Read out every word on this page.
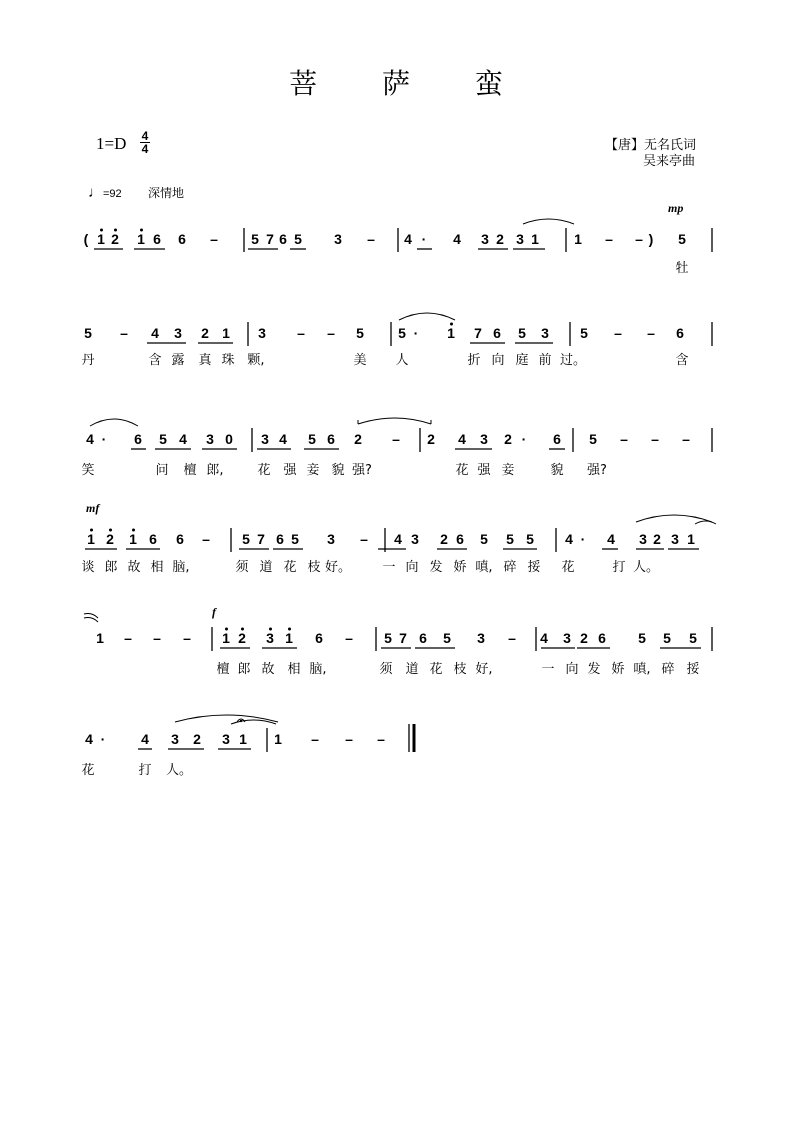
菩 萨 蛮
1=D 4
4	【唐】无名氏词
吴来亭曲
♩=92 深情地
( 1 2 1 6 6 – 5 7 6 5 3 – 4 · 4 3 2 3 1	1 – – ) 5
mp
牡
5 – 4 3 2 1 3 – – 5 5 · 1 7 6 5 3 5 – – 6
丹	含 露 真 珠 颗,	美 人	折 向 庭 前 过。	含
4 · 6 5 4 3 0 3 4 5 6 2 – 2 4 3 2 · 6 5 – – –
笑	问 檀 郎,	花 强 妾 貌 强?	花 强 妾	貌 强?
1 2 1 6 6 – 5 7 6 5 3 – 4 3 2 6 5 5 5 4 · 4 3 2 3 1
mf
谈 郎 故 相 脑,	须 道 花 枝 好。 一 向 发 娇 嗔, 碎 挼 花	打 人。
1 – – – 1 2 3 1 6 – 5 7 6 5 3 – 4 3 2 6 5 5 5
f
檀 郎 故 相 脑,	须 道 花 枝 好,	一 向 发 娇 嗔, 碎 挼
4 ·	4 3 2 3 1 1 – – –
花	打 人。
